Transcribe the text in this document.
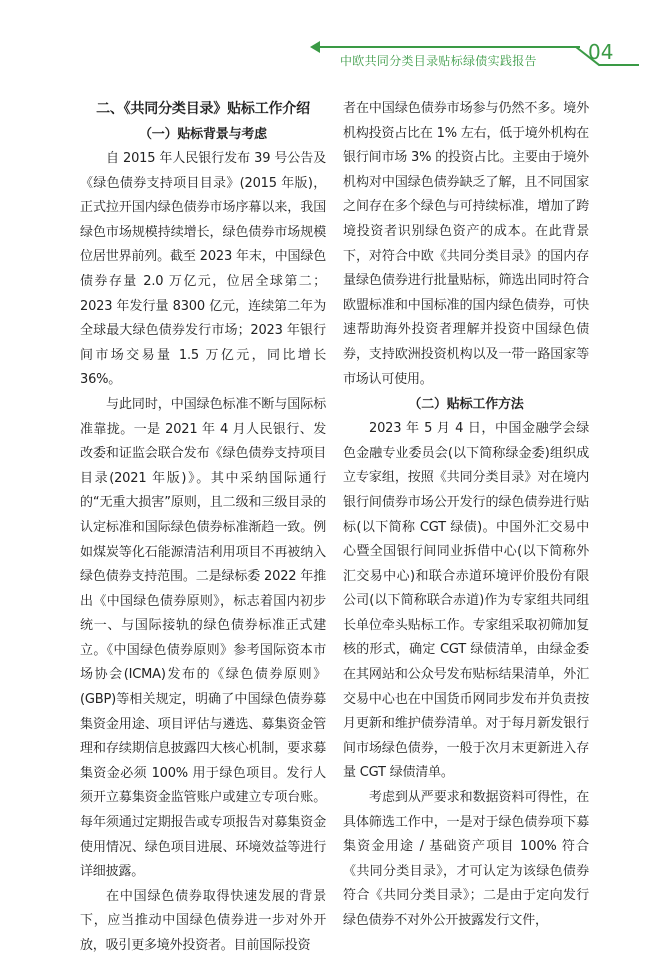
中欧共同分类目录贴标绿债实践报告	04

二、《共同分类目录》贴标工作介绍

（一）贴标背景与考虑

自 2015 年人民银行发布 39 号公告及《绿色债券支持项目目录》(2015 年版)，正式拉开国内绿色债券市场序幕以来，我国绿色市场规模持续增长，绿色债券市场规模位居世界前列。截至 2023 年末，中国绿色债券存量 2.0 万亿元，位居全球第二；2023 年发行量 8300 亿元，连续第二年为全球最大绿色债券发行市场；2023 年银行间市场交易量 1.5 万亿元，同比增长 36%。

与此同时，中国绿色标准不断与国际标准靠拢。一是 2021 年 4 月人民银行、发改委和证监会联合发布《绿色债券支持项目目录(2021 年版)》。其中采纳国际通行的“无重大损害”原则，且二级和三级目录的认定标准和国际绿色债券标准渐趋一致。例如煤炭等化石能源清洁利用项目不再被纳入绿色债券支持范围。二是绿标委 2022 年推出《中国绿色债券原则》，标志着国内初步统一、与国际接轨的绿色债券标准正式建立。《中国绿色债券原则》参考国际资本市场协会(ICMA)发布的《绿色债券原则》(GBP)等相关规定，明确了中国绿色债券募集资金用途、项目评估与遴选、募集资金管理和存续期信息披露四大核心机制，要求募集资金必须 100% 用于绿色项目。发行人须开立募集资金监管账户或建立专项台账。每年须通过定期报告或专项报告对募集资金使用情况、绿色项目进展、环境效益等进行详细披露。

在中国绿色债券取得快速发展的背景下，应当推动中国绿色债券进一步对外开放，吸引更多境外投资者。目前国际投资

者在中国绿色债券市场参与仍然不多。境外机构投资占比在 1% 左右，低于境外机构在银行间市场 3% 的投资占比。主要由于境外机构对中国绿色债券缺乏了解，且不同国家之间存在多个绿色与可持续标准，增加了跨境投资者识别绿色资产的成本。在此背景下，对符合中欧《共同分类目录》的国内存量绿色债券进行批量贴标，筛选出同时符合欧盟标准和中国标准的国内绿色债券，可快速帮助海外投资者理解并投资中国绿色债券，支持欧洲投资机构以及一带一路国家等市场认可使用。

（二）贴标工作方法

2023 年 5 月 4 日，中国金融学会绿色金融专业委员会(以下简称绿金委)组织成立专家组，按照《共同分类目录》对在境内银行间债券市场公开发行的绿色债券进行贴标(以下简称 CGT 绿债)。中国外汇交易中心暨全国银行间同业拆借中心(以下简称外汇交易中心)和联合赤道环境评价股份有限公司(以下简称联合赤道)作为专家组共同组长单位牵头贴标工作。专家组采取初筛加复核的形式，确定 CGT 绿债清单，由绿金委在其网站和公众号发布贴标结果清单，外汇交易中心也在中国货币网同步发布并负责按月更新和维护债券清单。对于每月新发银行间市场绿色债券，一般于次月末更新进入存量 CGT 绿债清单。

考虑到从严要求和数据资料可得性，在具体筛选工作中，一是对于绿色债券项下募集资金用途 / 基础资产项目 100% 符合《共同分类目录》，才可认定为该绿色债券符合《共同分类目录》；二是由于定向发行绿色债券不对外公开披露发行文件，
